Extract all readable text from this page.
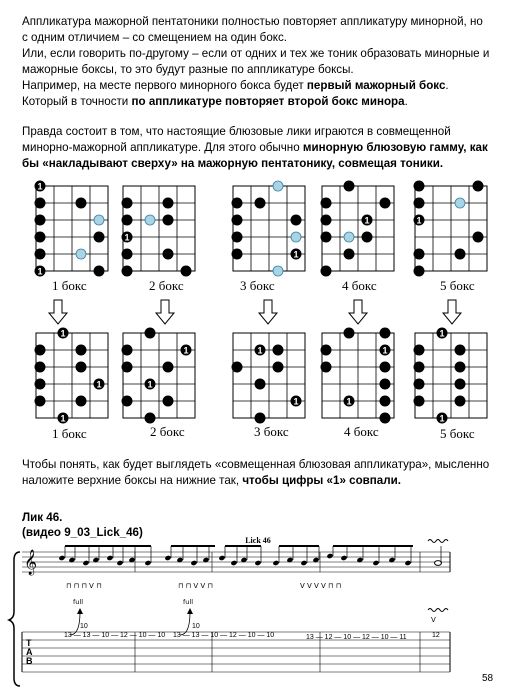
Аппликатура мажорной пентатоники полностью повторяет аппликатуру минорной, но

с одним отличием – со смещением на один бокс.

Или, если говорить по-другому – если от одних и тех же тоник образовать минорные и

мажорные боксы, то это будут разные по аппликатуре боксы.

Например, на месте первого минорного бокса будет первый мажорный бокс.

Который в точности по аппликатуре повторяет второй бокс минора.

Правда состоит в том, что настоящие блюзовые лики играются в совмещенной

минорно-мажорной аппликатуре. Для этого обычно минорную блюзовую гамму, как

бы «накладывают сверху» на мажорную пентатонику, совмещая тоники.

1
1
1
1
1	1
1
1
1
1
1
1
1
1
1
1
1
Lick 46
𝄞
⊓ ⊓ ⊓ V ⊓	⊓ ⊓ V V ⊓	V V V V ⊓ ⊓
V
full	full
T
A
B
13 — 13 — 10 — 12 — 10 — 10 13 — 13 — 10 — 12 — 10 — 10	13 — 12 — 10 — 12 — 10 — 11
10	10
12
1 бокс	2 бокс	3 бокс	4 бокс	5 бокс
1 бокс	2 бокс	3 бокс	4 бокс	5 бокс

Чтобы понять, как будет выглядеть «совмещенная блюзовая аппликатура», мысленно

наложите верхние боксы на нижние так, чтобы цифры «1» совпали.

Лик 46.
(видео 9_03_Lick_46)
58
